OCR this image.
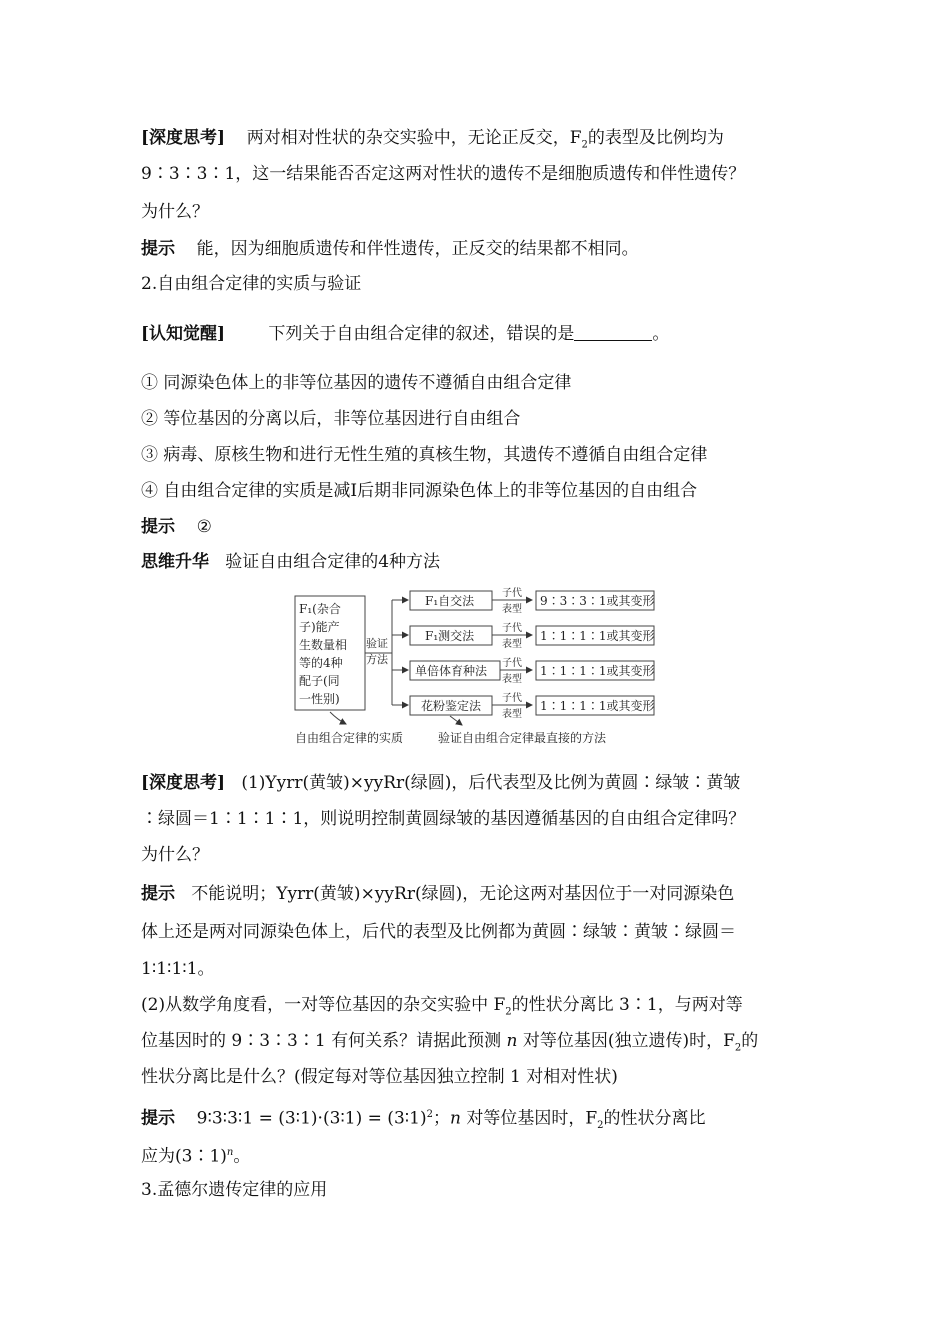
[深度思考] 两对相对性状的杂交实验中，无论正反交，$F_2$的表型及比例均为
9∶3∶3∶1，这一结果能否否定这两对性状的遗传不是细胞质遗传和伴性遗传？
为什么？
提示 能，因为细胞质遗传和伴性遗传，正反交的结果都不相同。
2.自由组合定律的实质与验证
[认知觉醒]	下列关于自由组合定律的叙述，错误的是	。
① 同源染色体上的非等位基因的遗传不遵循自由组合定律
② 等位基因的分离以后，非等位基因进行自由组合
③ 病毒、原核生物和进行无性生殖的真核生物，其遗传不遵循自由组合定律
④ 自由组合定律的实质是减Ⅰ后期非同源染色体上的非等位基因的自由组合
提示 ②
思维升华 验证自由组合定律的4种方法
F₁(杂合
子)能产
生数量相
等的4种
配子(同
一性别)
验证
方法
F₁自交法
F₁测交法
单倍体育种法
花粉鉴定法
子代
表型
子代
表型
子代
表型
子代
表型
9∶3∶3∶1或其变形
1∶1∶1∶1或其变形
1∶1∶1∶1或其变形
1∶1∶1∶1或其变形
自由组合定律的实质	验证自由组合定律最直接的方法
[深度思考] (1)Yyrr(黄皱)×yyRr(绿圆)，后代表型及比例为黄圆∶绿皱∶黄皱
∶绿圆＝1∶1∶1∶1，则说明控制黄圆绿皱的基因遵循基因的自由组合定律吗？
为什么？
提示 不能说明；Yyrr(黄皱)×yyRr(绿圆)，无论这两对基因位于一对同源染色
体上还是两对同源染色体上，后代的表型及比例都为黄圆∶绿皱∶黄皱∶绿圆＝
1∶1∶1∶1。
(2)从数学角度看，一对等位基因的杂交实验中 $F_2$的性状分离比 3∶1，与两对等
位基因时的 9∶3∶3∶1 有何关系？请据此预测 n 对等位基因(独立遗传)时，$F_2$的
性状分离比是什么？(假定每对等位基因独立控制 1 对相对性状)
提示 9∶3∶3∶1 = (3∶1)·(3∶1) = (3∶1)$^2$；n 对等位基因时，$F_2$的性状分离比
应为(3∶1)$^n$。
3.孟德尔遗传定律的应用
